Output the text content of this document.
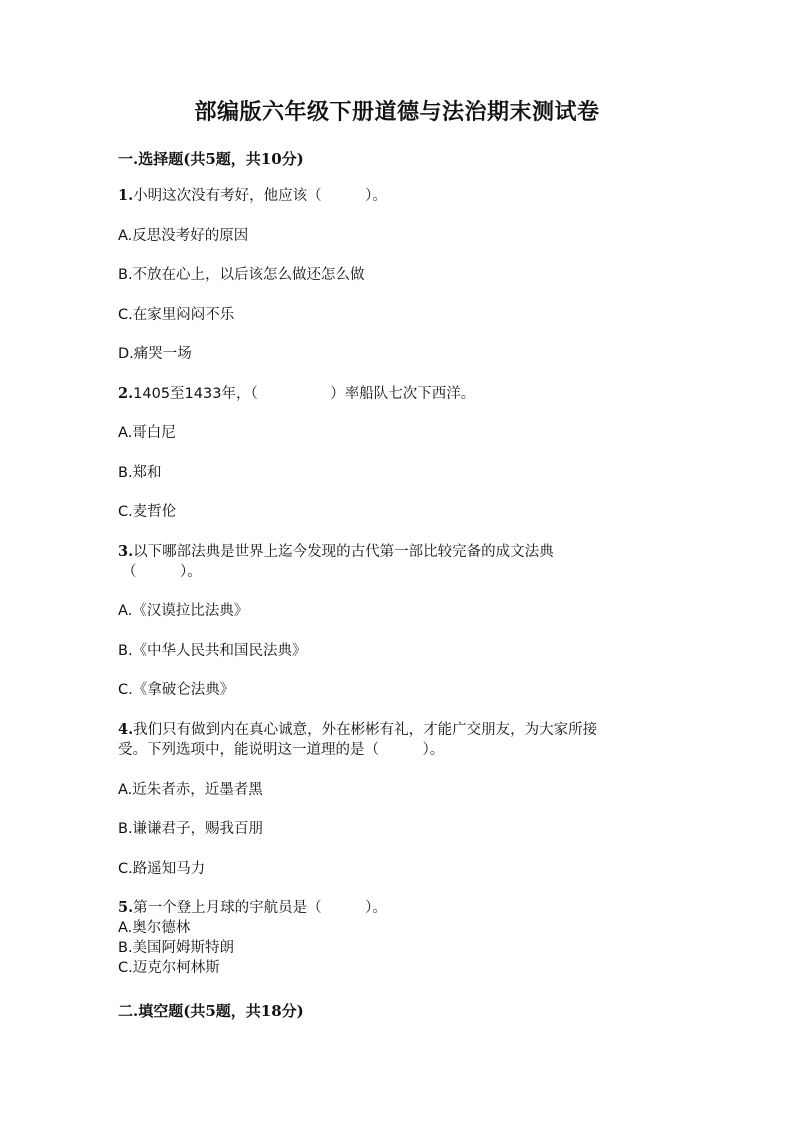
部编版六年级下册道德与法治期末测试卷
一.选择题(共5题，共10分)
1.小明这次没有考好，他应该（　　　）。
A.反思没考好的原因
B.不放在心上，以后该怎么做还怎么做
C.在家里闷闷不乐
D.痛哭一场
2.1405至1433年，（　　　　　）率船队七次下西洋。
A.哥白尼
B.郑和
C.麦哲伦
3.以下哪部法典是世界上迄今发现的古代第一部比较完备的成文法典
（　　　）。
A.《汉谟拉比法典》
B.《中华人民共和国民法典》
C.《拿破仑法典》
4.我们只有做到内在真心诚意，外在彬彬有礼，才能广交朋友，为大家所接
受。下列选项中，能说明这一道理的是（　　　）。
A.近朱者赤，近墨者黑
B.谦谦君子，赐我百朋
C.路遥知马力
5.第一个登上月球的宇航员是（　　　）。
A.奥尔德林
B.美国阿姆斯特朗
C.迈克尔柯林斯
二.填空题(共5题，共18分)
